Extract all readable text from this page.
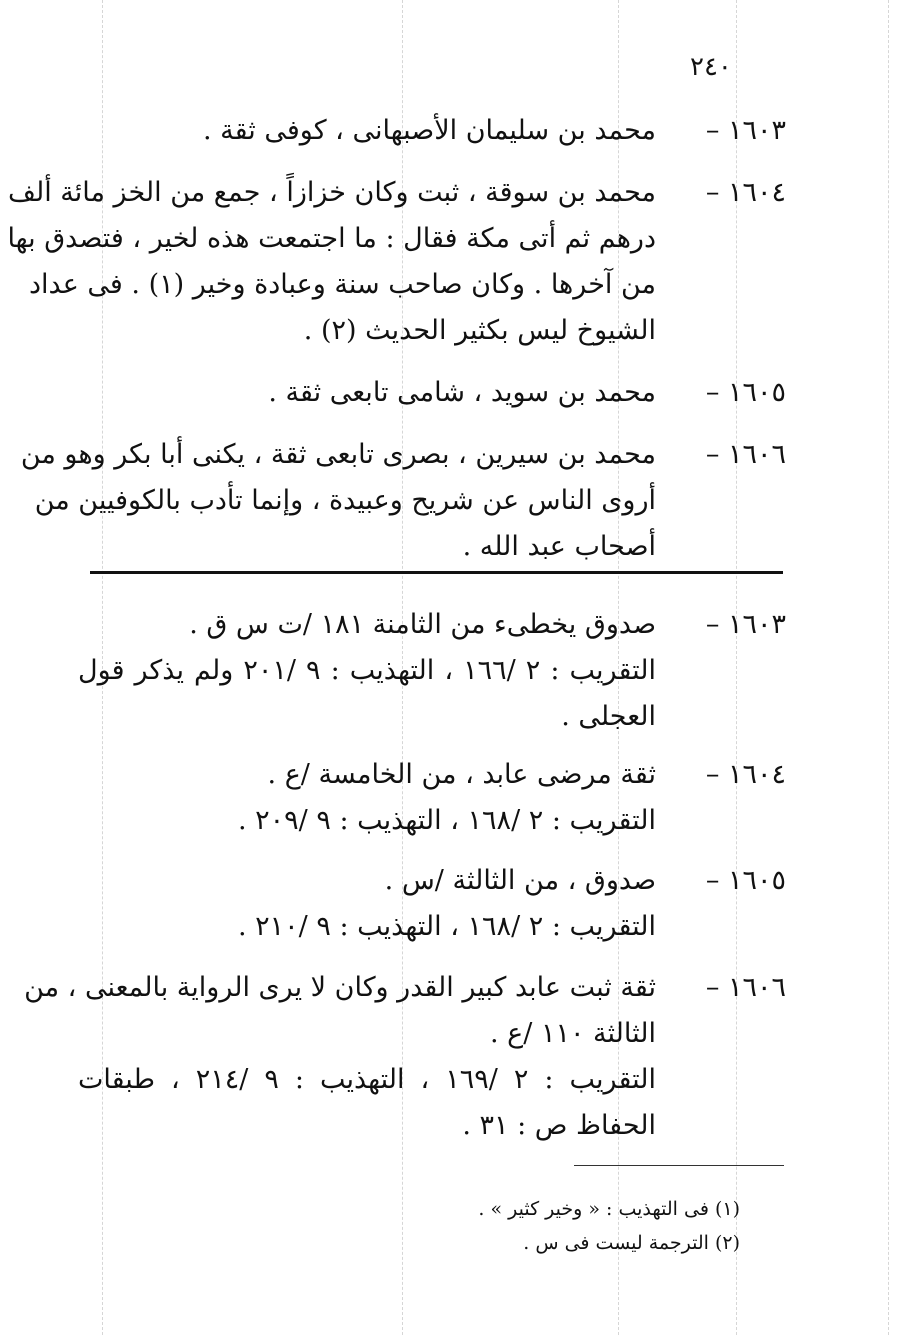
٢٤٠
١٦٠٣ –
محمد بن سليمان الأصبهانى ، كوفى ثقة .
١٦٠٤ –
محمد بن سوقة ، ثبت وكان خزازاً ، جمع من الخز مائة ألف
درهم ثم أتى مكة فقال : ما اجتمعت هذه لخير ، فتصدق بها
من آخرها . وكان صاحب سنة وعبادة وخير (١) . فى عداد
الشيوخ ليس بكثير الحديث (٢) .
١٦٠٥ –
محمد بن سويد ، شامى تابعى ثقة .
١٦٠٦ –
محمد بن سيرين ، بصرى تابعى ثقة ، يكنى أبا بكر وهو من
أروى الناس عن شريح وعبيدة ، وإنما تأدب بالكوفيين من
أصحاب عبد الله .
١٦٠٣ –
صدوق يخطىء من الثامنة ١٨١ /ت س ق .
التقريب : ٢ /١٦٦ ، التهذيب : ٩ /٢٠١ ولم يذكر قول
العجلى .
١٦٠٤ –
ثقة مرضى عابد ، من الخامسة /ع .
التقريب : ٢ /١٦٨ ، التهذيب : ٩ /٢٠٩ .
١٦٠٥ –
صدوق ، من الثالثة /س .
التقريب : ٢ /١٦٨ ، التهذيب : ٩ /٢١٠ .
١٦٠٦ –
ثقة ثبت عابد كبير القدر وكان لا يرى الرواية بالمعنى ، من
الثالثة ١١٠ /ع .
التقريب : ٢ /١٦٩ ، التهذيب : ٩ /٢١٤ ، طبقات
الحفاظ ص : ٣١ .
(١) فى التهذيب : « وخير كثير » .
(٢) الترجمة ليست فى س .
